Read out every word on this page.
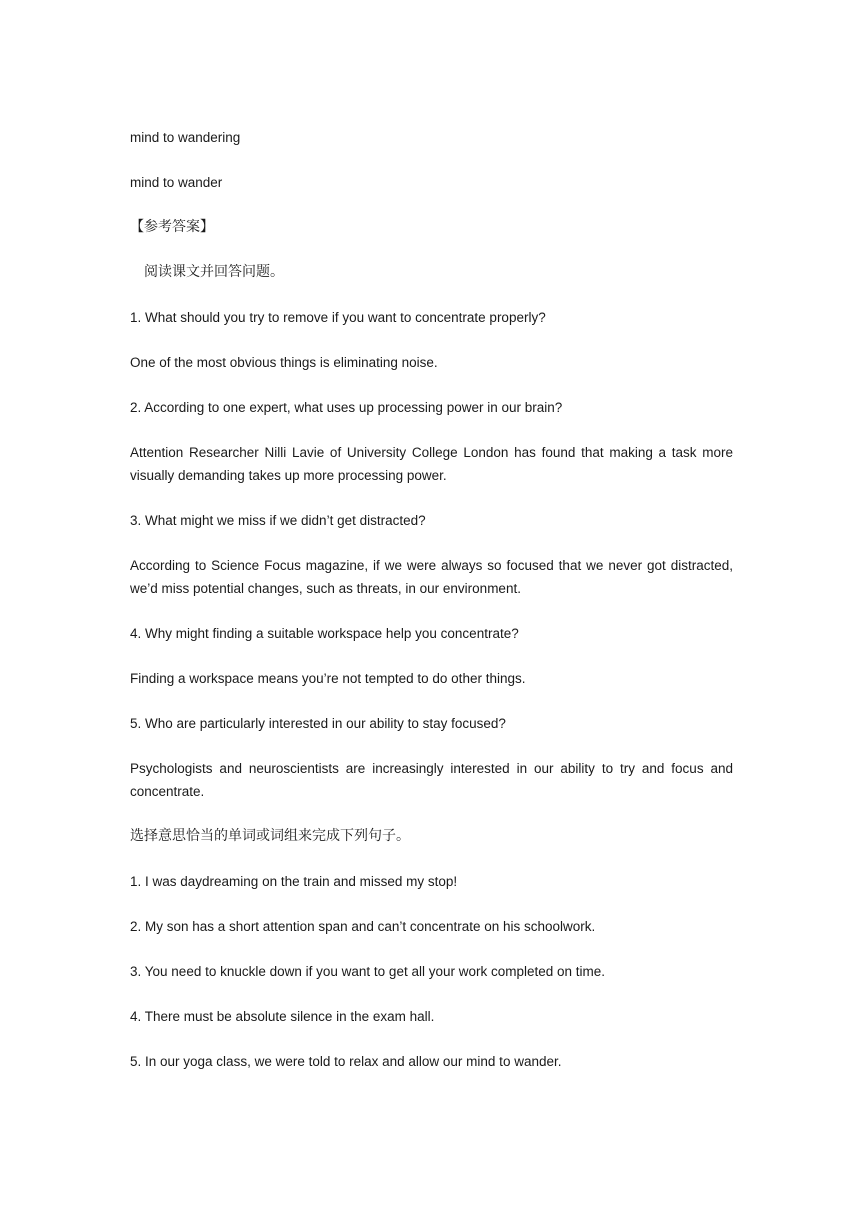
mind to wandering

mind to wander

【参考答案】

阅读课文并回答问题。

1. What should you try to remove if you want to concentrate properly?

One of the most obvious things is eliminating noise.

2. According to one expert, what uses up processing power in our brain?

Attention Researcher Nilli Lavie of University College London has found that making a task more visually demanding takes up more processing power.

3. What might we miss if we didn’t get distracted?

According to Science Focus magazine, if we were always so focused that we never got distracted, we’d miss potential changes, such as threats, in our environment.

4. Why might finding a suitable workspace help you concentrate?

Finding a workspace means you’re not tempted to do other things.

5. Who are particularly interested in our ability to stay focused?

Psychologists and neuroscientists are increasingly interested in our ability to try and focus and concentrate.

选择意思恰当的单词或词组来完成下列句子。

1. I was daydreaming on the train and missed my stop!

2. My son has a short attention span and can’t concentrate on his schoolwork.

3. You need to knuckle down if you want to get all your work completed on time.

4. There must be absolute silence in the exam hall.

5. In our yoga class, we were told to relax and allow our mind to wander.
